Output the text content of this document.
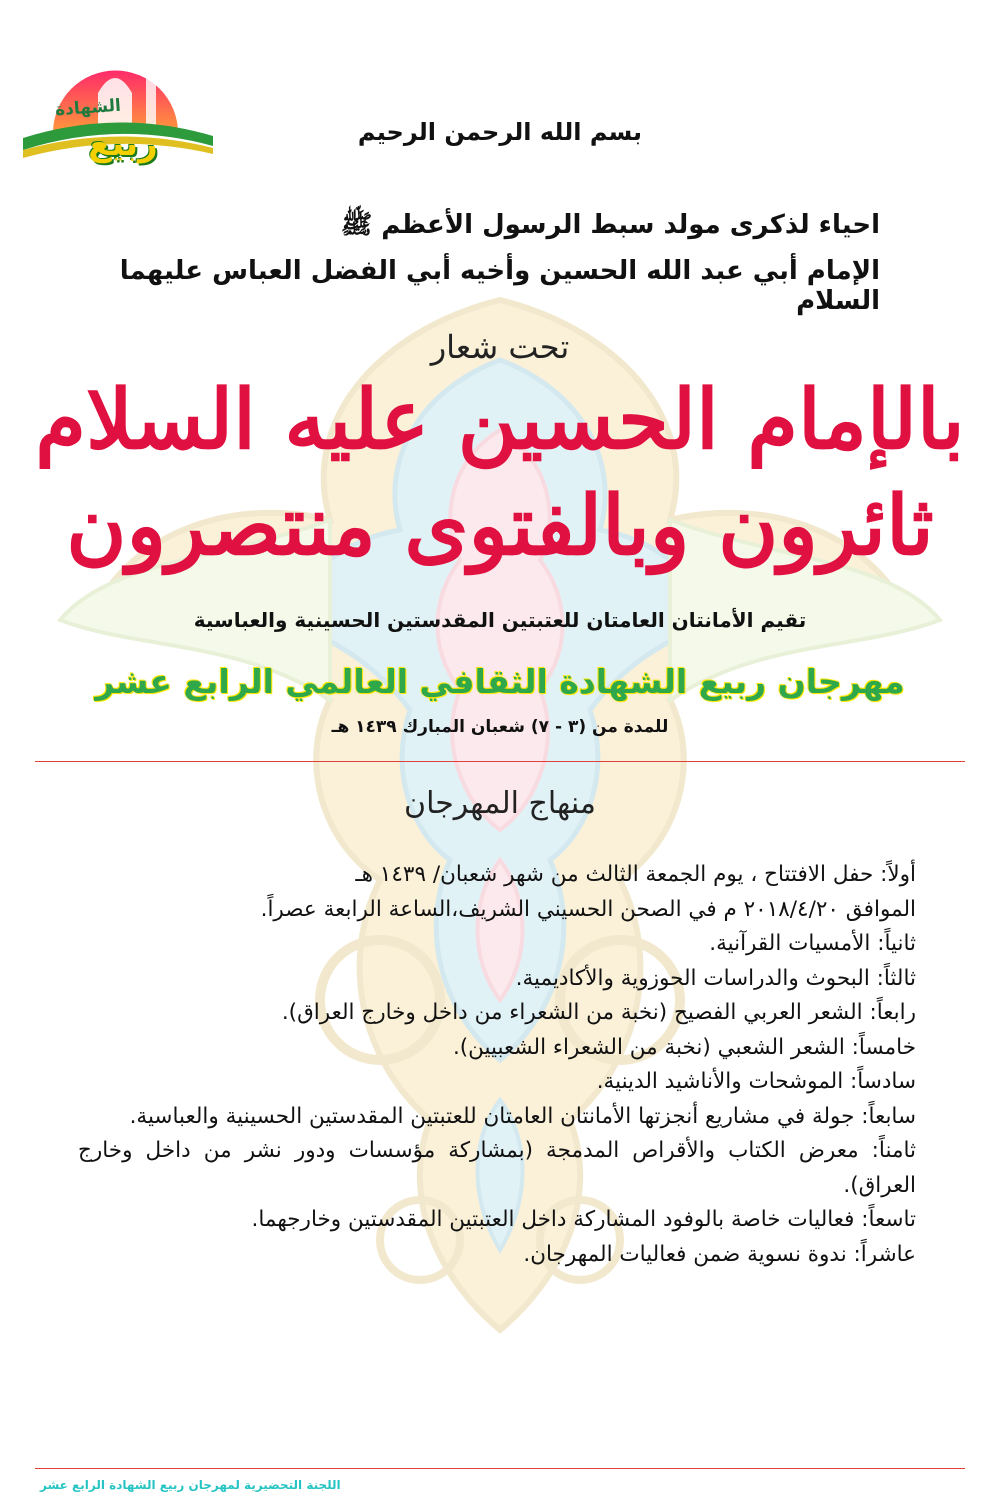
الشهادة
ربيع	بسم الله الرحمن الرحيم
احياء لذكرى مولد سبط الرسول الأعظم ﷺ
الإمام أبي عبد الله الحسين وأخيه أبي الفضل العباس عليهما السلام
تحت شعار
بالإمام الحسين عليه السلام
ثائرون وبالفتوى منتصرون
تقيم الأمانتان العامتان للعتبتين المقدستين الحسينية والعباسية
مهرجان ربيع الشهادة الثقافي العالمي الرابع عشر
للمدة من (٣ - ٧) شعبان المبارك ١٤٣٩ هـ
منهاج المهرجان
أولاً: حفل الافتتاح ، يوم الجمعة الثالث من شهر شعبان/ ١٤٣٩ هـ
الموافق ٢٠١٨/٤/٢٠ م في الصحن الحسيني الشريف،الساعة الرابعة عصراً.
ثانياً: الأمسيات القرآنية.
ثالثاً: البحوث والدراسات الحوزوية والأكاديمية.
رابعاً: الشعر العربي الفصيح (نخبة من الشعراء من داخل وخارج العراق).
خامساً: الشعر الشعبي (نخبة من الشعراء الشعبيين).
سادساً: الموشحات والأناشيد الدينية.
سابعاً: جولة في مشاريع أنجزتها الأمانتان العامتان للعتبتين المقدستين الحسينية والعباسية.
ثامناً: معرض الكتاب والأقراص المدمجة (بمشاركة مؤسسات ودور نشر من داخل وخارج العراق).
تاسعاً: فعاليات خاصة بالوفود المشاركة داخل العتبتين المقدستين وخارجهما.
عاشراً: ندوة نسوية ضمن فعاليات المهرجان.
اللجنة التحضيرية لمهرجان ربيع الشهادة الرابع عشر
